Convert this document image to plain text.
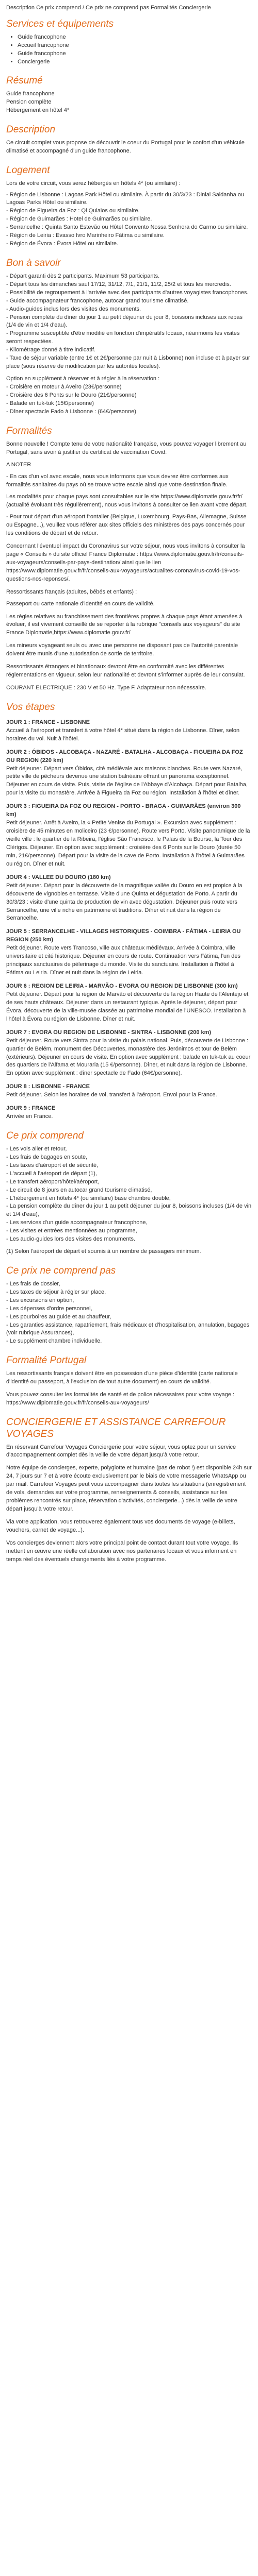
Description Ce prix comprend / Ce prix ne comprend pas Formalités Conciergerie
Services et équipements
• Guide francophone
• Accueil francophone
• Guide francophone
• Conciergerie
Résumé

Guide francophone

Pension complète

Hébergement en hôtel 4*

Description

Ce circuit complet vous propose de découvrir le coeur du Portugal pour le confort d'un véhicule climatisé et accompagné d'un guide francophone.

Logement

Lors de votre circuit, vous serez hébergés en hôtels 4* (ou similaire) :

- Région de Lisbonne : Lagoas Park Hôtel ou similaire. À partir du 30/3/23 : Dinial Saldanha ou Lagoas Parks Hôtel ou similaire.

- Région de Figueira da Foz : Qi Quiaios ou similaire.

- Région de Guimarães : Hotel de Guimarães ou similaire.

- Serrancelhe : Quinta Santo Estevão ou Hôtel Convento Nossa Senhora do Carmo ou similaire.

- Région de Leiria : Evasso Ivro Marinheiro Fátima ou similaire.

- Région de Évora : Évora Hôtel ou similaire.

Bon à savoir

- Départ garanti dès 2 participants. Maximum 53 participants.

- Départ tous les dimanches sauf 17/12, 31/12, 7/1, 21/1, 11/2, 25/2 et tous les mercredis.

- Possibilité de regroupement à l'arrivée avec des participants d'autres voyagistes francophones.

- Guide accompagnateur francophone, autocar grand tourisme climatisé.

- Audio-guides inclus lors des visites des monuments.

- Pension complète du dîner du jour 1 au petit déjeuner du jour 8, boissons incluses aux repas (1/4 de vin et 1/4 d'eau).

- Programme susceptible d'être modifié en fonction d'impératifs locaux, néanmoins les visites seront respectées.

- Kilométrage donné à titre indicatif.

- Taxe de séjour variable (entre 1€ et 2€/personne par nuit à Lisbonne) non incluse et à payer sur place (sous réserve de modification par les autorités locales).

Option en supplément à réserver et à régler à la réservation :

- Croisière en moteur à Aveiro (23€/personne)

- Croisière des 6 Ponts sur le Douro (21€/personne)

- Balade en tuk-tuk (15€/personne)

- Dîner spectacle Fado à Lisbonne : (64€/personne)

Formalités

Bonne nouvelle ! Compte tenu de votre nationalité française, vous pouvez voyager librement au Portugal, sans avoir à justifier de certificat de vaccination Covid.

A NOTER

- En cas d'un vol avec escale, nous vous informons que vous devrez être conformes aux formalités sanitaires du pays où se trouve votre escale ainsi que votre destination finale.

Les modalités pour chaque pays sont consultables sur le site https://www.diplomatie.gouv.fr/fr/ (actualité évoluant très régulièrement), nous vous invitons à consulter ce lien avant votre départ.

- Pour tout départ d'un aéroport frontalier (Belgique, Luxembourg, Pays-Bas, Allemagne, Suisse ou Espagne...), veuillez vous référer aux sites officiels des ministères des pays concernés pour les conditions de départ et de retour.

Concernant l'éventuel impact du Coronavirus sur votre séjour, nous vous invitons à consulter la page « Conseils » du site officiel France Diplomatie : https://www.diplomatie.gouv.fr/fr/conseils-aux-voyageurs/conseils-par-pays-destination/ ainsi que le lien https://www.diplomatie.gouv.fr/fr/conseils-aux-voyageurs/actualites-coronavirus-covid-19-vos-questions-nos-reponses/.

Ressortissants français (adultes, bébés et enfants) :

Passeport ou carte nationale d'identité en cours de validité.

Les règles relatives au franchissement des frontières propres à chaque pays étant amenées à évoluer, il est vivement conseillé de se reporter à la rubrique "conseils aux voyageurs" du site France Diplomatie,https://www.diplomatie.gouv.fr/

Les mineurs voyageant seuls ou avec une personne ne disposant pas de l'autorité parentale doivent être munis d'une autorisation de sortie de territoire.

Ressortissants étrangers et binationaux devront être en conformité avec les différentes réglementations en vigueur, selon leur nationalité et devront s'informer auprès de leur consulat.

COURANT ELECTRIQUE : 230 V et 50 Hz. Type F. Adaptateur non nécessaire.

Vos étapes

JOUR 1 : FRANCE - LISBONNE

Accueil à l'aéroport et transfert à votre hôtel 4* situé dans la région de Lisbonne. Dîner, selon horaires du vol. Nuit à l'hôtel.

JOUR 2 : ÓBIDOS - ALCOBAÇA - NAZARÉ - BATALHA - ALCOBAÇA - FIGUEIRA DA FOZ OU REGION (220 km)

Petit déjeuner. Départ vers Óbidos, cité médiévale aux maisons blanches. Route vers Nazaré, petite ville de pêcheurs devenue une station balnéaire offrant un panorama exceptionnel. Déjeuner en cours de visite. Puis, visite de l'église de l'Abbaye d'Alcobaça. Départ pour Batalha, pour la visite du monastère. Arrivée à Figueira da Foz ou région. Installation à l'hôtel et dîner.

JOUR 3 : FIGUEIRA DA FOZ OU REGION - PORTO - BRAGA - GUIMARÃES (environ 300 km)

Petit déjeuner. Arrêt à Aveiro, la « Petite Venise du Portugal ». Excursion avec supplément : croisière de 45 minutes en moliceiro (23 €/personne). Route vers Porto. Visite panoramique de la vieille ville : le quartier de la Ribeira, l'église São Francisco, le Palais de la Bourse, la Tour des Clérigos. Déjeuner. En option avec supplément : croisière des 6 Ponts sur le Douro (durée 50 min, 21€/personne). Départ pour la visite de la cave de Porto. Installation à l'hôtel à Guimarães ou région. Dîner et nuit.

JOUR 4 : VALLEE DU DOURO (180 km)

Petit déjeuner. Départ pour la découverte de la magnifique vallée du Douro en est propice à la découverte de vignobles en terrasse. Visite d'une Quinta et dégustation de Porto. A partir du 30/3/23 : visite d'une quinta de production de vin avec dégustation. Déjeuner puis route vers Serrancelhe, une ville riche en patrimoine et traditions. Dîner et nuit dans la région de Serrancelhe.

JOUR 5 : SERRANCELHE - VILLAGES HISTORIQUES - COIMBRA - FÁTIMA - LEIRIA OU REGION (250 km)

Petit déjeuner. Route vers Trancoso, ville aux châteaux médiévaux. Arrivée à Coimbra, ville universitaire et cité historique. Déjeuner en cours de route. Continuation vers Fátima, l'un des principaux sanctuaires de pèlerinage du monde. Visite du sanctuaire. Installation à l'hôtel à Fátima ou Leiria. Dîner et nuit dans la région de Leiria.

JOUR 6 : REGION DE LEIRIA - MARVÃO - EVORA OU REGION DE LISBONNE (300 km)

Petit déjeuner. Départ pour la région de Marvão et découverte de la région Haute de l'Alentejo et de ses hauts châteaux. Déjeuner dans un restaurant typique. Après le déjeuner, départ pour Évora, découverte de la ville-musée classée au patrimoine mondial de l'UNESCO. Installation à l'hôtel à Évora ou région de Lisbonne. Dîner et nuit.

JOUR 7 : EVORA OU REGION DE LISBONNE - SINTRA - LISBONNE (200 km)

Petit déjeuner. Route vers Sintra pour la visite du palais national. Puis, découverte de Lisbonne : quartier de Belém, monument des Découvertes, monastère des Jerónimos et tour de Belém (extérieurs). Déjeuner en cours de visite. En option avec supplément : balade en tuk-tuk au coeur des quartiers de l'Alfama et Mouraria (15 €/personne). Dîner, et nuit dans la région de Lisbonne. En option avec supplément : dîner spectacle de Fado (64€/personne).

JOUR 8 : LISBONNE - FRANCE

Petit déjeuner. Selon les horaires de vol, transfert à l'aéroport. Envol pour la France.

JOUR 9 : FRANCE

Arrivée en France.

Ce prix comprend

- Les vols aller et retour,

- Les frais de bagages en soute,

- Les taxes d'aéroport et de sécurité,

- L'accueil à l'aéroport de départ (1),

- Le transfert aéroport/hôtel/aéroport,

- Le circuit de 8 jours en autocar grand tourisme climatisé,

- L'hébergement en hôtels 4* (ou similaire) base chambre double,

- La pension complète du dîner du jour 1 au petit déjeuner du jour 8, boissons incluses (1/4 de vin et 1/4 d'eau),

- Les services d'un guide accompagnateur francophone,

- Les visites et entrées mentionnées au programme,

- Les audio-guides lors des visites des monuments.

(1) Selon l'aéroport de départ et soumis à un nombre de passagers minimum.

Ce prix ne comprend pas

- Les frais de dossier,

- Les taxes de séjour à régler sur place,

- Les excursions en option,

- Les dépenses d'ordre personnel,

- Les pourboires au guide et au chauffeur,

- Les garanties assistance, rapatriement, frais médicaux et d'hospitalisation, annulation, bagages (voir rubrique Assurances),

- Le supplément chambre individuelle.

Formalité Portugal

Les ressortissants français doivent être en possession d'une pièce d'identité (carte nationale d'identité ou passeport, à l'exclusion de tout autre document) en cours de validité.

Vous pouvez consulter les formalités de santé et de police nécessaires pour votre voyage : https://www.diplomatie.gouv.fr/fr/conseils-aux-voyageurs/

CONCIERGERIE ET ASSISTANCE CARREFOUR VOYAGES

En réservant Carrefour Voyages Conciergerie pour votre séjour, vous optez pour un service d'accompagnement complet dès la veille de votre départ jusqu'à votre retour.

Notre équipe de concierges, experte, polyglotte et humaine (pas de robot !) est disponible 24h sur 24, 7 jours sur 7 et à votre écoute exclusivement par le biais de votre messagerie WhatsApp ou par mail. Carrefour Voyages peut vous accompagner dans toutes les situations (enregistrement de vols, demandes sur votre programme, renseignements & conseils, assistance sur les problèmes rencontrés sur place, réservation d'activités, conciergerie...) dès la veille de votre départ jusqu'à votre retour.

Via votre application, vous retrouverez également tous vos documents de voyage (e-billets, vouchers, carnet de voyage...).

Vos concierges deviennent alors votre principal point de contact durant tout votre voyage. Ils mettent en œuvre une réelle collaboration avec nos partenaires locaux et vous informent en temps réel des éventuels changements liés à votre programme.
